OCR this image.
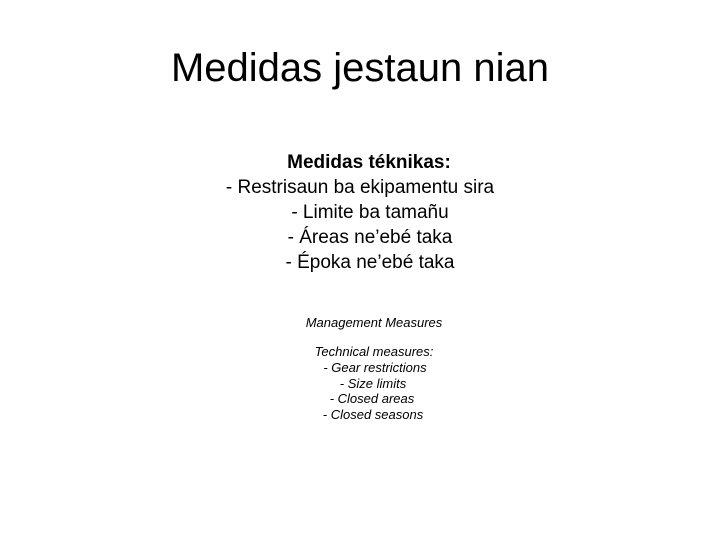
Medidas jestaun nian
Medidas téknikas:
- Restrisaun ba ekipamentu sira
- Limite ba tamañu
- Áreas ne’ebé taka
- Époka ne’ebé taka
Management Measures
Technical measures:
- Gear restrictions
- Size limits
- Closed areas
- Closed seasons
